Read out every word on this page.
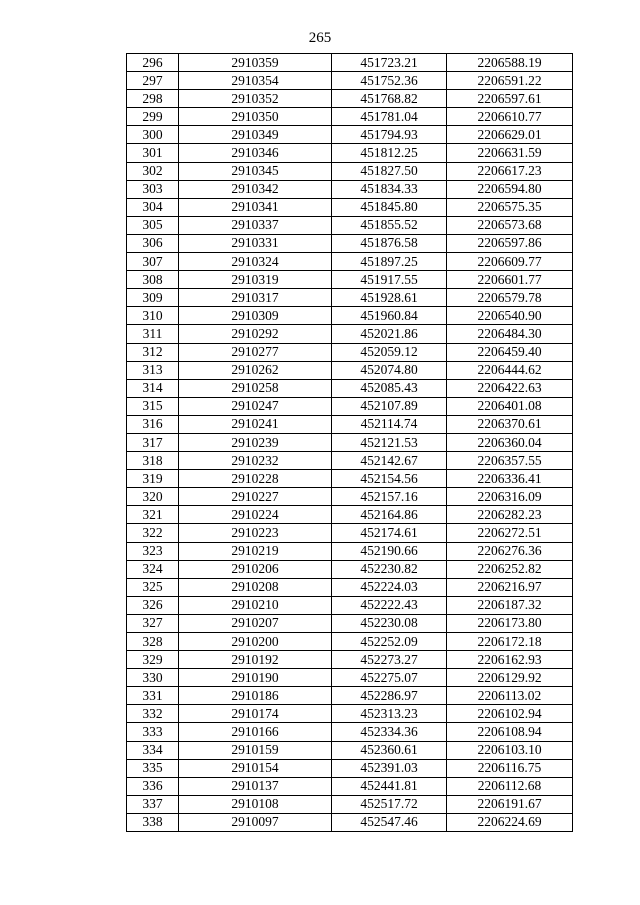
265
296	2910359	451723.21	2206588.19
297	2910354	451752.36	2206591.22
298	2910352	451768.82	2206597.61
299	2910350	451781.04	2206610.77
300	2910349	451794.93	2206629.01
301	2910346	451812.25	2206631.59
302	2910345	451827.50	2206617.23
303	2910342	451834.33	2206594.80
304	2910341	451845.80	2206575.35
305	2910337	451855.52	2206573.68
306	2910331	451876.58	2206597.86
307	2910324	451897.25	2206609.77
308	2910319	451917.55	2206601.77
309	2910317	451928.61	2206579.78
310	2910309	451960.84	2206540.90
311	2910292	452021.86	2206484.30
312	2910277	452059.12	2206459.40
313	2910262	452074.80	2206444.62
314	2910258	452085.43	2206422.63
315	2910247	452107.89	2206401.08
316	2910241	452114.74	2206370.61
317	2910239	452121.53	2206360.04
318	2910232	452142.67	2206357.55
319	2910228	452154.56	2206336.41
320	2910227	452157.16	2206316.09
321	2910224	452164.86	2206282.23
322	2910223	452174.61	2206272.51
323	2910219	452190.66	2206276.36
324	2910206	452230.82	2206252.82
325	2910208	452224.03	2206216.97
326	2910210	452222.43	2206187.32
327	2910207	452230.08	2206173.80
328	2910200	452252.09	2206172.18
329	2910192	452273.27	2206162.93
330	2910190	452275.07	2206129.92
331	2910186	452286.97	2206113.02
332	2910174	452313.23	2206102.94
333	2910166	452334.36	2206108.94
334	2910159	452360.61	2206103.10
335	2910154	452391.03	2206116.75
336	2910137	452441.81	2206112.68
337	2910108	452517.72	2206191.67
338	2910097	452547.46	2206224.69
